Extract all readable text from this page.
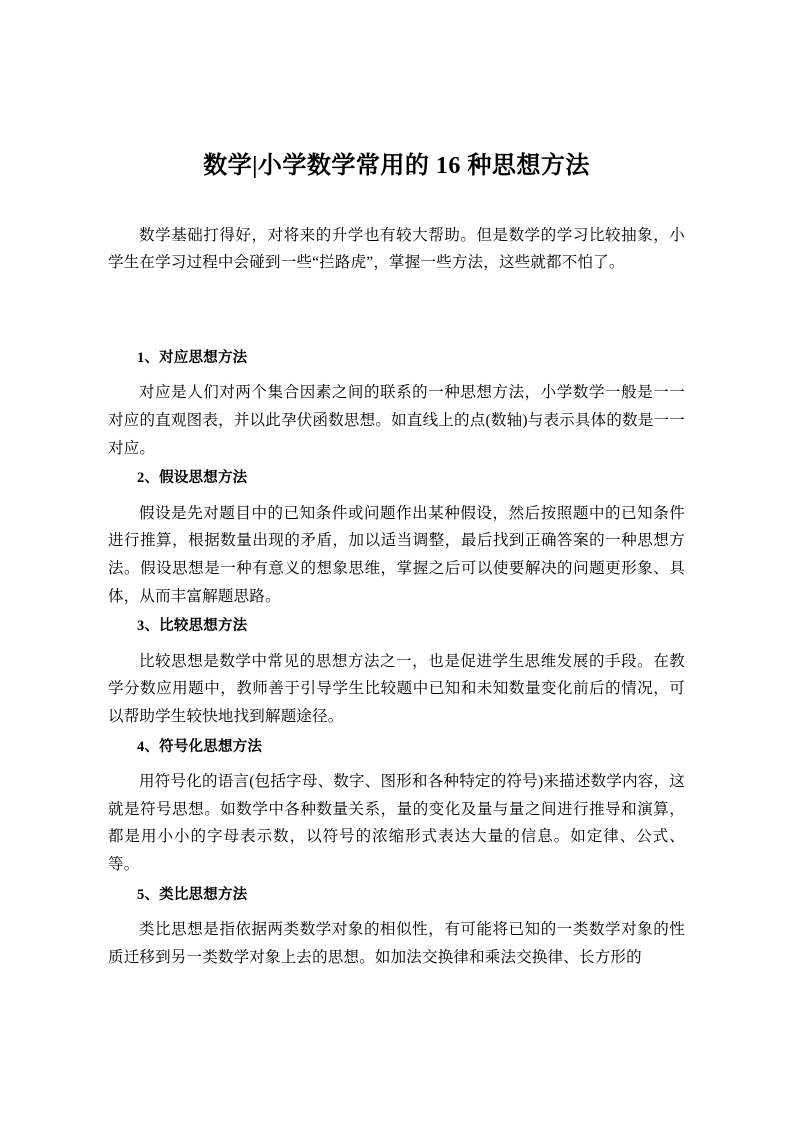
数学|小学数学常用的 16 种思想方法

数学基础打得好，对将来的升学也有较大帮助。但是数学的学习比较抽象，小学生在学习过程中会碰到一些“拦路虎”，掌握一些方法，这些就都不怕了。

1、对应思想方法

对应是人们对两个集合因素之间的联系的一种思想方法，小学数学一般是一一对应的直观图表，并以此孕伏函数思想。如直线上的点(数轴)与表示具体的数是一一对应。

2、假设思想方法

假设是先对题目中的已知条件或问题作出某种假设，然后按照题中的已知条件进行推算，根据数量出现的矛盾，加以适当调整，最后找到正确答案的一种思想方法。假设思想是一种有意义的想象思维，掌握之后可以使要解决的问题更形象、具体，从而丰富解题思路。

3、比较思想方法

比较思想是数学中常见的思想方法之一，也是促进学生思维发展的手段。在教学分数应用题中，教师善于引导学生比较题中已知和未知数量变化前后的情况，可以帮助学生较快地找到解题途径。

4、符号化思想方法

用符号化的语言(包括字母、数字、图形和各种特定的符号)来描述数学内容，这就是符号思想。如数学中各种数量关系，量的变化及量与量之间进行推导和演算，都是用小小的字母表示数，以符号的浓缩形式表达大量的信息。如定律、公式、等。

5、类比思想方法

类比思想是指依据两类数学对象的相似性，有可能将已知的一类数学对象的性质迁移到另一类数学对象上去的思想。如加法交换律和乘法交换律、长方形的
